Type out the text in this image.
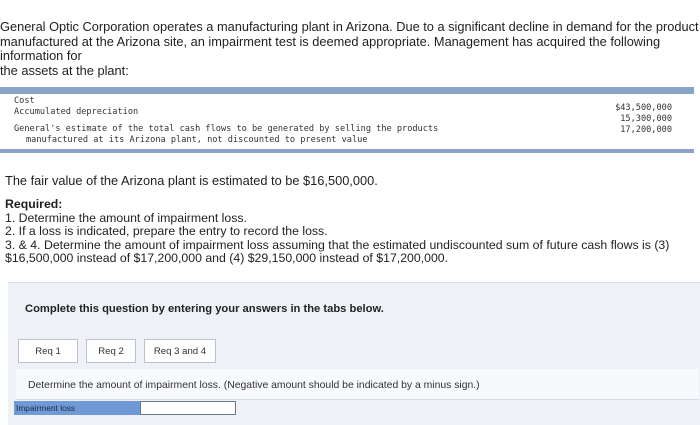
General Optic Corporation operates a manufacturing plant in Arizona. Due to a significant decline in demand for the product
manufactured at the Arizona site, an impairment test is deemed appropriate. Management has acquired the following information for
the assets at the plant:
Cost
Accumulated depreciation
General's estimate of the total cash flows to be generated by selling the products
manufactured at its Arizona plant, not discounted to present value
$43,500,000
15,300,000
17,200,000
The fair value of the Arizona plant is estimated to be $16,500,000.
Required:
1. Determine the amount of impairment loss.
2. If a loss is indicated, prepare the entry to record the loss.
3. & 4. Determine the amount of impairment loss assuming that the estimated undiscounted sum of future cash flows is (3)
$16,500,000 instead of $17,200,000 and (4) $29,150,000 instead of $17,200,000.
Complete this question by entering your answers in the tabs below.
Req 1	Req 2	Req 3 and 4
Determine the amount of impairment loss. (Negative amount should be indicated by a minus sign.)
Impairment loss
